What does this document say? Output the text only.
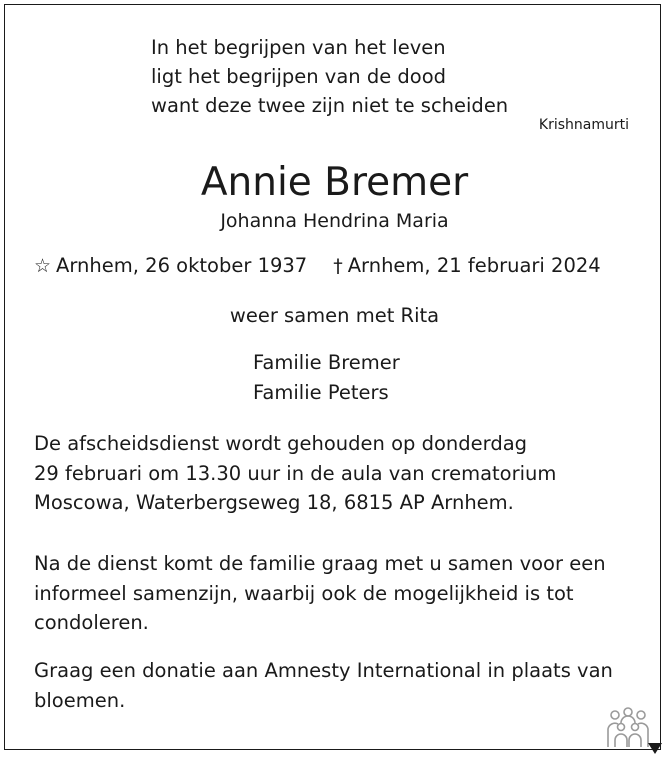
In het begrijpen van het leven
ligt het begrijpen van de dood
want deze twee zijn niet te scheiden
Krishnamurti
Annie Bremer
Johanna Hendrina Maria
☆ Arnhem, 26 oktober 1937 † Arnhem, 21 februari 2024
weer samen met Rita
Familie Bremer
Familie Peters
De afscheidsdienst wordt gehouden op donderdag
29 februari om 13.30 uur in de aula van crematorium
Moscowa, Waterbergseweg 18, 6815 AP Arnhem.
Na de dienst komt de familie graag met u samen voor een
informeel samenzijn, waarbij ook de mogelijkheid is tot
condoleren.
Graag een donatie aan Amnesty International in plaats van
bloemen.
